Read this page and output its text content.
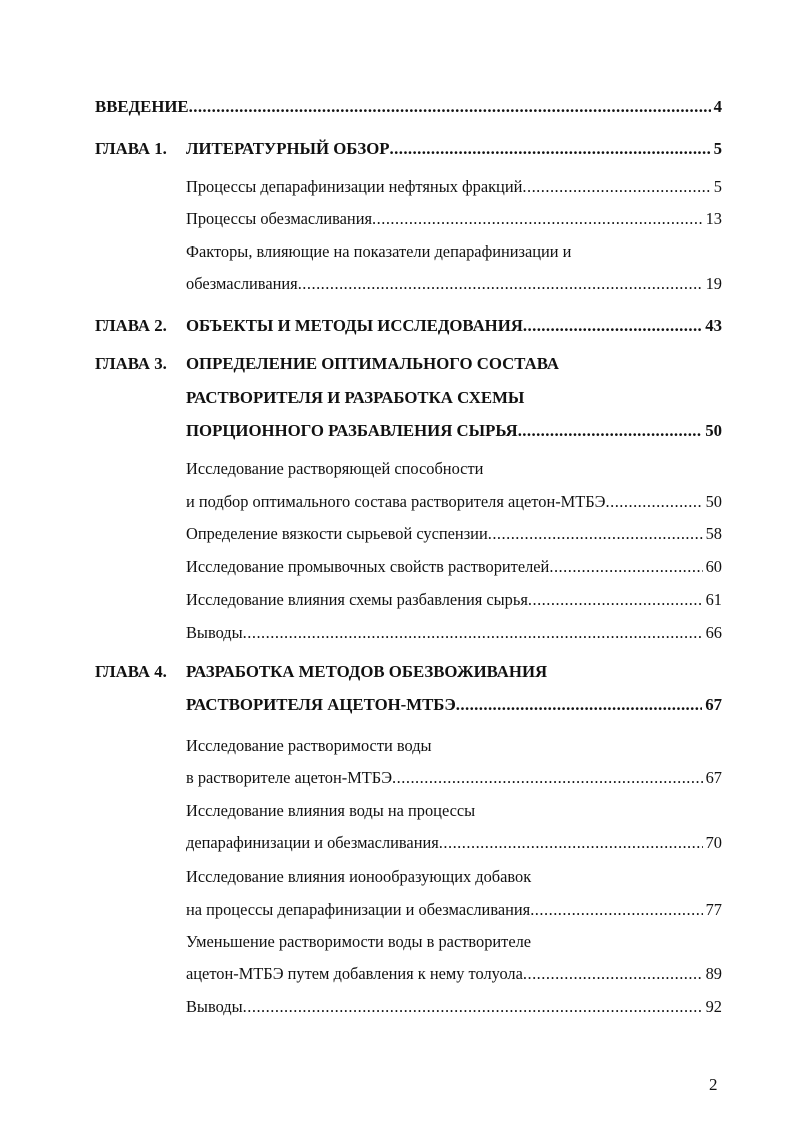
ВВЕДЕНИЕ .....	4
ГЛАВА 1. ЛИТЕРАТУРНЫЙ ОБЗОР .....	5
Процессы депарафинизации нефтяных фракций .....	5
Процессы обезмасливания .....	13
Факторы, влияющие на показатели депарафинизации и
обезмасливания .....	19
ГЛАВА 2. ОБЪЕКТЫ И МЕТОДЫ ИССЛЕДОВАНИЯ .....	43
ГЛАВА 3. ОПРЕДЕЛЕНИЕ ОПТИМАЛЬНОГО СОСТАВА
РАСТВОРИТЕЛЯ И РАЗРАБОТКА СХЕМЫ
ПОРЦИОННОГО РАЗБАВЛЕНИЯ СЫРЬЯ .....	50
Исследование растворяющей способности
и подбор оптимального состава растворителя ацетон-МТБЭ .....	50
Определение вязкости сырьевой суспензии .....	58
Исследование промывочных свойств растворителей .....	60
Исследование влияния схемы разбавления сырья .....	61
Выводы .....	66
ГЛАВА 4. РАЗРАБОТКА МЕТОДОВ ОБЕЗВОЖИВАНИЯ
РАСТВОРИТЕЛЯ АЦЕТОН-МТБЭ .....	67
Исследование растворимости воды
в растворителе ацетон-МТБЭ .....	67
Исследование влияния воды на процессы
депарафинизации и обезмасливания .....	70
Исследование влияния ионообразующих добавок
на процессы депарафинизации и обезмасливания .....	77
Уменьшение растворимости воды в растворителе
ацетон-МТБЭ путем добавления к нему толуола .....	89
Выводы .....	92
2
